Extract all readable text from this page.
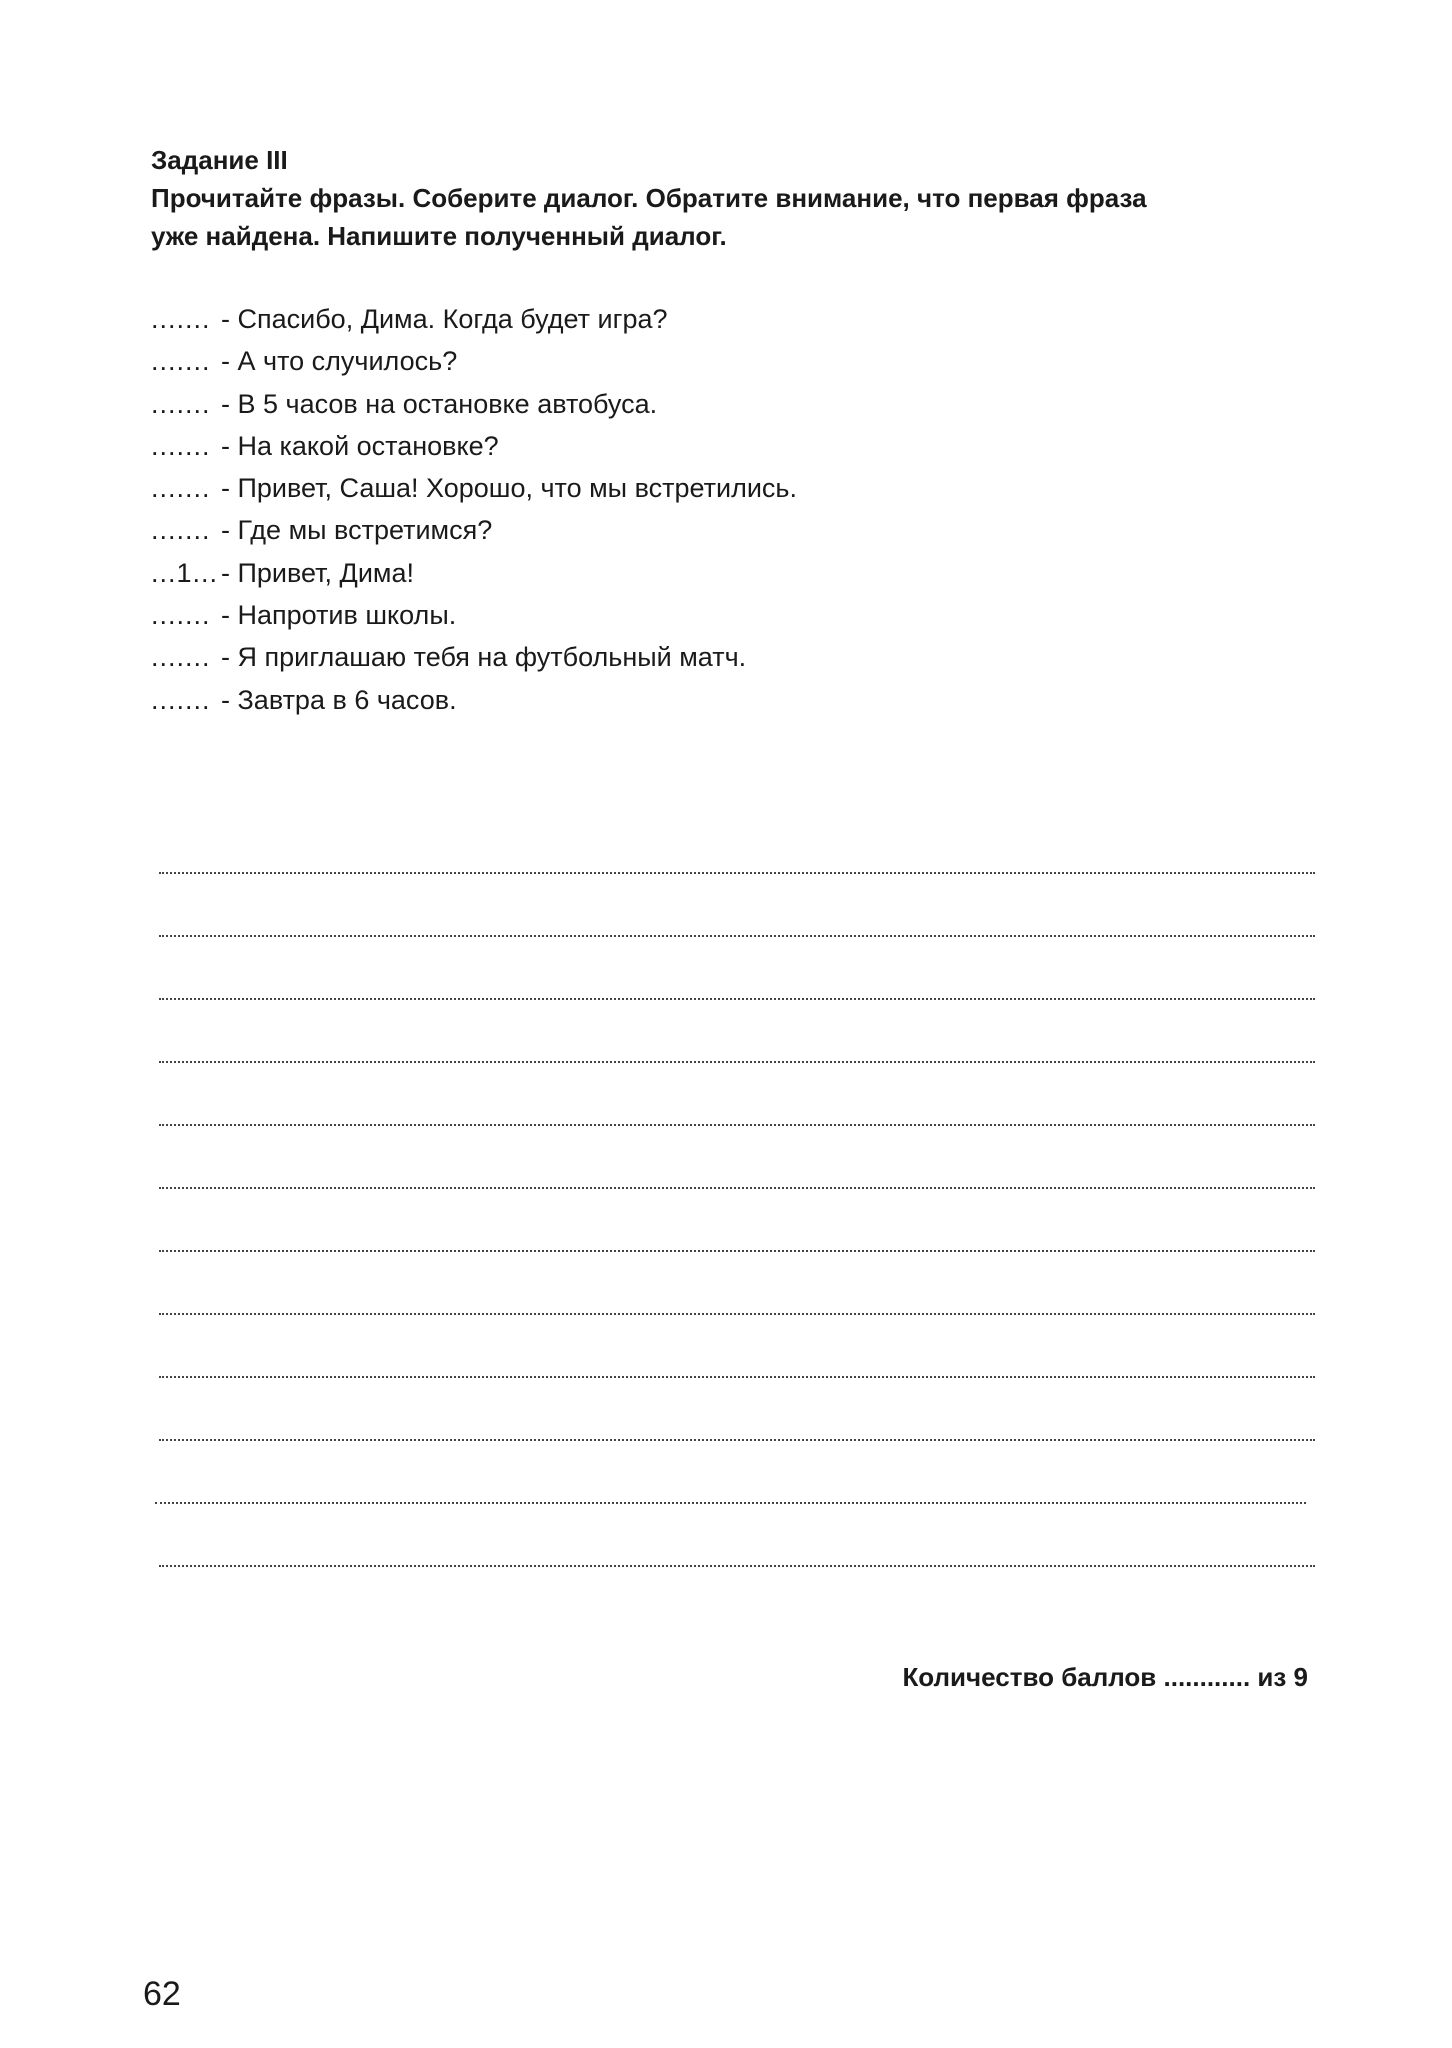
Задание III
Прочитайте фразы. Соберите диалог. Обратите внимание, что первая фраза
уже найдена. Напишите полученный диалог.
....... - Спасибо, Дима. Когда будет игра?
....... - А что случилось?
....... - В 5 часов на остановке автобуса.
....... - На какой остановке?
....... - Привет, Саша! Хорошо, что мы встретились.
....... - Где мы встретимся?
...1... - Привет, Дима!
....... - Напротив школы.
....... - Я приглашаю тебя на футбольный матч.
....... - Завтра в 6 часов.
Количество баллов ............ из 9
62
